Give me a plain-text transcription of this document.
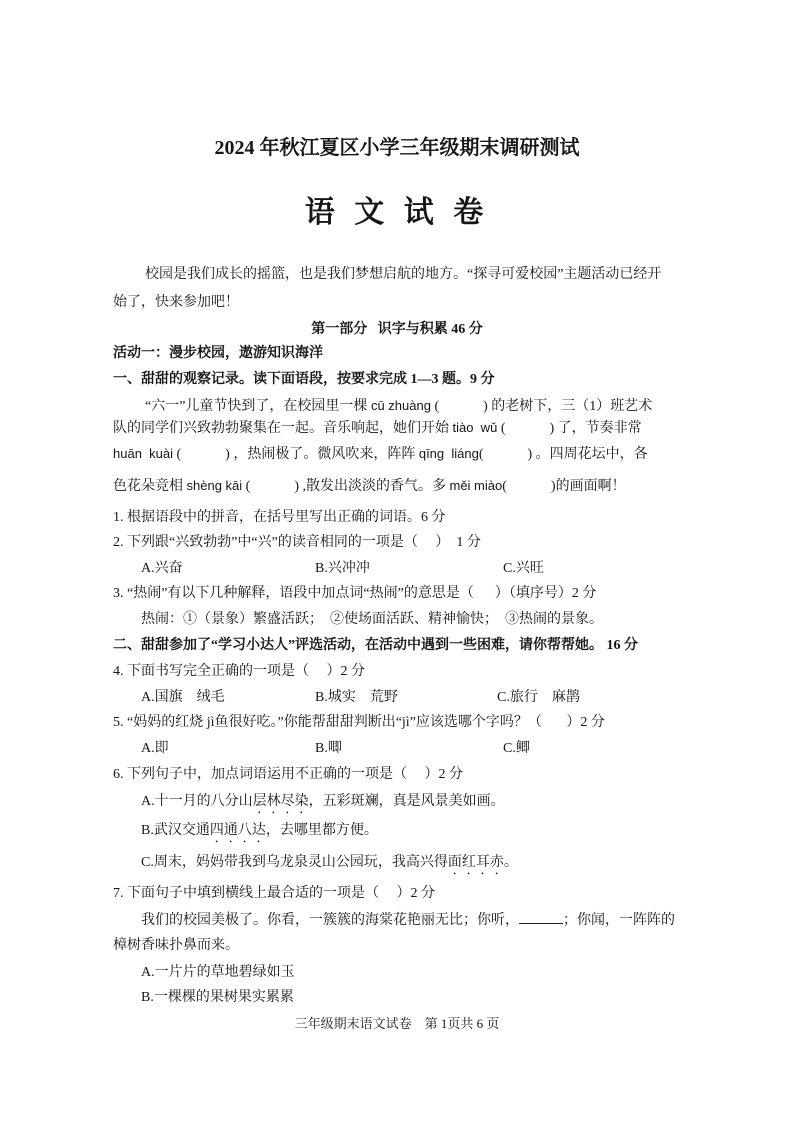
2024 年秋江夏区小学三年级期末调研测试
语 文 试 卷
校园是我们成长的摇篮，也是我们梦想启航的地方。“探寻可爱校园”主题活动已经开
始了，快来参加吧！
第一部分   识字与积累 46 分
活动一：漫步校园，遨游知识海洋
一、甜甜的观察记录。读下面语段，按要求完成 1—3 题。9 分
“六一”儿童节快到了，在校园里一棵 cū zhuàng (	) 的老树下，三（1）班艺术
队的同学们兴致勃勃聚集在一起。音乐响起，她们开始 tiào  wǔ (	) 了，节奏非常
huān  kuài (	) ，热闹极了。微风吹来，阵阵 qīng  liáng(	) 。四周花坛中，各
色花朵竞相 shèng kāi (	) ,散发出淡淡的香气。多 měi miào(	)的画面啊！
1. 根据语段中的拼音，在括号里写出正确的词语。6 分
2. 下列跟“兴致勃勃”中“兴”的读音相同的一项是（     ）  1 分
A.兴奋	B.兴冲冲	C.兴旺
3. “热闹”有以下几种解释，语段中加点词“热闹”的意思是（      ）（填序号）2 分
热闹：①（景象）繁盛活跃；  ②使场面活跃、精神愉快；  ③热闹的景象。
二、甜甜参加了“学习小达人”评选活动，在活动中遇到一些困难，请你帮帮她。 16 分
4. 下面书写完全正确的一项是（     ）2 分
A.国旗    绒毛	B.城实    荒野	C.旅行    麻鹊
5. “妈妈的红烧 jì鱼很好吃。”你能帮甜甜判断出“jì”应该选哪个字吗？（       ）2 分
A.即	B.唧	C.鲫
6. 下列句子中，加点词语运用不正确的一项是（     ）2 分
A.十一月的八分山层林尽染，五彩斑斓，真是风景美如画。
B.武汉交通四通八达，去哪里都方便。
C.周末，妈妈带我到乌龙泉灵山公园玩，我高兴得面红耳赤。
7. 下面句子中填到横线上最合适的一项是（     ）2 分
我们的校园美极了。你看，一簇簇的海棠花艳丽无比；你听，	；你闻，一阵阵的
樟树香味扑鼻而来。
A.一片片的草地碧绿如玉
B.一棵棵的果树果实累累
三年级期末语文试卷    第 1页共 6 页
